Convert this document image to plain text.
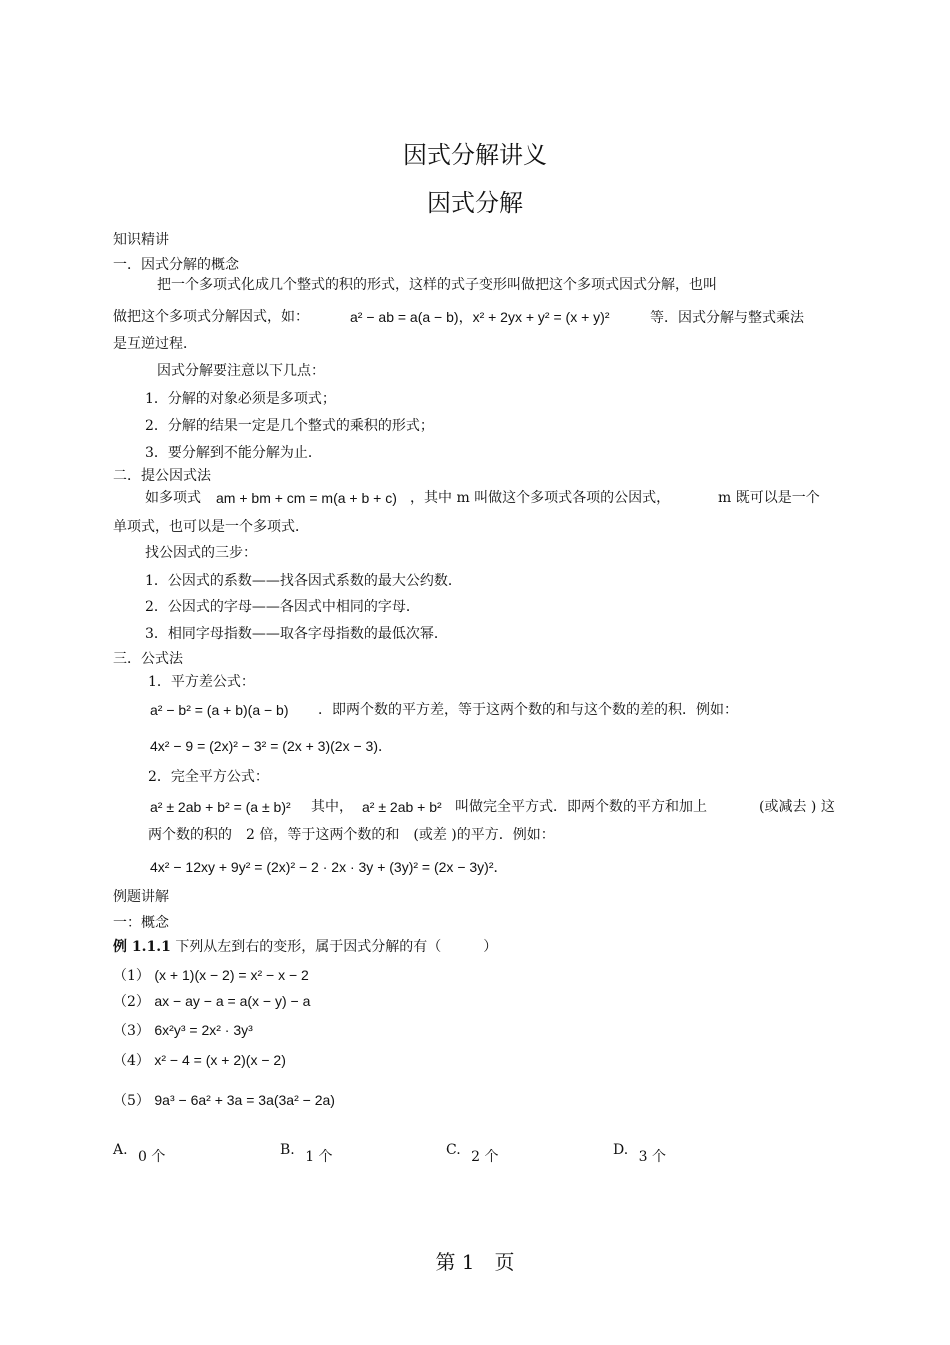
因式分解讲义
因式分解
知识精讲
一．因式分解的概念
把一个多项式化成几个整式的积的形式，这样的式子变形叫做把这个多项式因式分解，也叫
做把这个多项式分解因式，如：	a² − ab = a(a − b)，x² + 2yx + y² = (x + y)²	等．因式分解与整式乘法
是互逆过程．
因式分解要注意以下几点：
1．分解的对象必须是多项式；
2．分解的结果一定是几个整式的乘积的形式；
3．要分解到不能分解为止．
二．提公因式法
如多项式 am + bm + cm = m(a + b + c) ，其中 m 叫做这个多项式各项的公因式，	m 既可以是一个
单项式，也可以是一个多项式．
找公因式的三步：
1．公因式的系数——找各因式系数的最大公约数．
2．公因式的字母——各因式中相同的字母．
3．相同字母指数——取各字母指数的最低次幂．
三．公式法
1．平方差公式：
a² − b² = (a + b)(a − b) ．即两个数的平方差，等于这两个数的和与这个数的差的积．例如：
4x² − 9 = (2x)² − 3² = (2x + 3)(2x − 3)．
2．完全平方公式：
a² ± 2ab + b² = (a ± b)² 其中， a² ± 2ab + b² 叫做完全平方式．即两个数的平方和加上	(或减去 ) 这
两个数的积的　2 倍，等于这两个数的和　(或差 )的平方．例如：
4x² − 12xy + 9y² = (2x)² − 2 · 2x · 3y + (3y)² = (2x − 3y)²．
例题讲解
一：概念
例 1.1.1 下列从左到右的变形，属于因式分解的有（　　　）
（1） (x + 1)(x − 2) = x² − x − 2
（2） ax − ay − a = a(x − y) − a
（3） 6x²y³ = 2x² · 3y³
（4） x² − 4 = (x + 2)(x − 2)
（5） 9a³ − 6a² + 3a = 3a(3a² − 2a)
A. 0 个	B. 1 个	C. 2 个	D. 3 个
第 1　页
